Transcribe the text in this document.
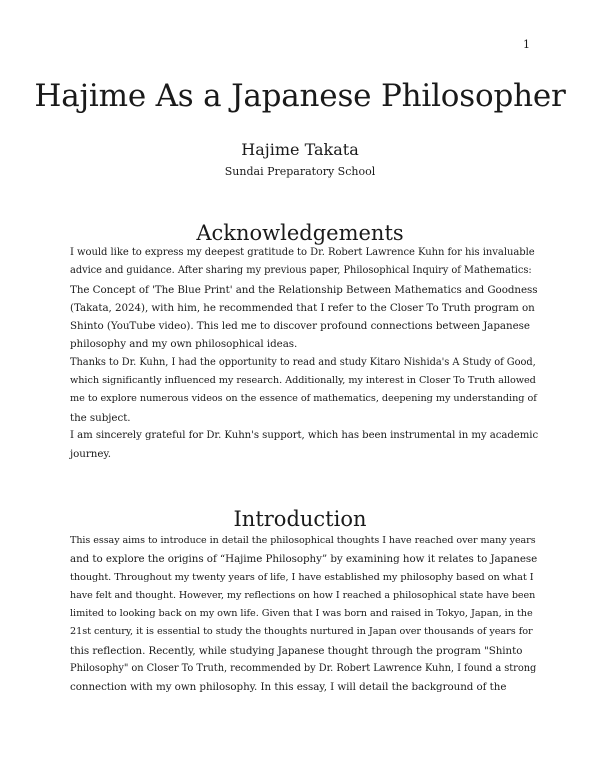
1
Hajime As a Japanese Philosopher
Hajime Takata
Sundai Preparatory School
Acknowledgements
I would like to express my deepest gratitude to Dr. Robert Lawrence Kuhn for his invaluable
advice and guidance. After sharing my previous paper, Philosophical Inquiry of Mathematics:
The Concept of 'The Blue Print' and the Relationship Between Mathematics and Goodness
(Takata, 2024), with him, he recommended that I refer to the Closer To Truth program on
Shinto (YouTube video). This led me to discover profound connections between Japanese
philosophy and my own philosophical ideas.
Thanks to Dr. Kuhn, I had the opportunity to read and study Kitaro Nishida's A Study of Good,
which significantly influenced my research. Additionally, my interest in Closer To Truth allowed
me to explore numerous videos on the essence of mathematics, deepening my understanding of
the subject.
I am sincerely grateful for Dr. Kuhn's support, which has been instrumental in my academic
journey.
Introduction
This essay aims to introduce in detail the philosophical thoughts I have reached over many years
and to explore the origins of “Hajime Philosophy” by examining how it relates to Japanese
thought. Throughout my twenty years of life, I have established my philosophy based on what I
have felt and thought. However, my reflections on how I reached a philosophical state have been
limited to looking back on my own life. Given that I was born and raised in Tokyo, Japan, in the
21st century, it is essential to study the thoughts nurtured in Japan over thousands of years for
this reflection. Recently, while studying Japanese thought through the program "Shinto
Philosophy" on Closer To Truth, recommended by Dr. Robert Lawrence Kuhn, I found a strong
connection with my own philosophy. In this essay, I will detail the background of the
